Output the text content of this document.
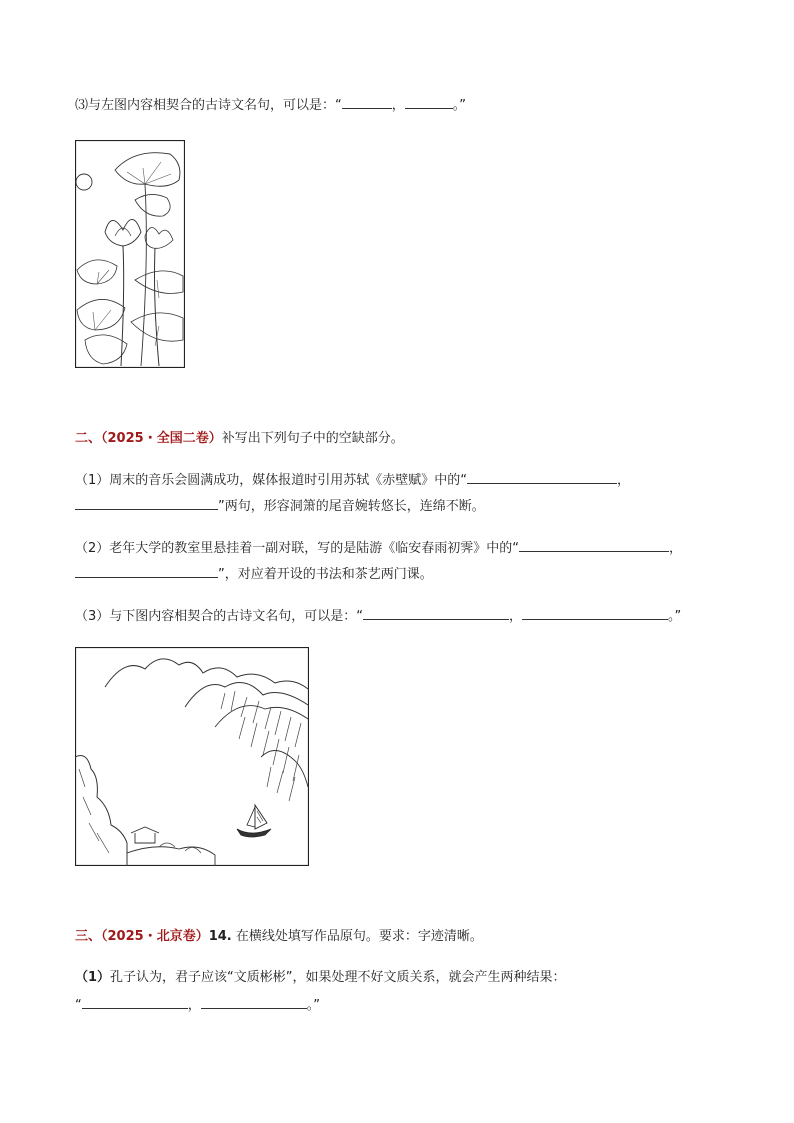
⑶与左图内容相契合的古诗文名句，可以是：“	，	。”
二、（2025・全国二卷）补写出下列句子中的空缺部分。
（1）周末的音乐会圆满成功，媒体报道时引用苏轼《赤壁赋》中的“	，
”两句，形容洞箫的尾音婉转悠长，连绵不断。
（2）老年大学的教室里悬挂着一副对联，写的是陆游《临安春雨初霁》中的“	，
”，对应着开设的书法和茶艺两门课。
（3）与下图内容相契合的古诗文名句，可以是：“	，	。”
三、（2025・北京卷）14. 在横线处填写作品原句。要求：字迹清晰。
（1）孔子认为，君子应该“文质彬彬”，如果处理不好文质关系，就会产生两种结果：
“	，	。”
